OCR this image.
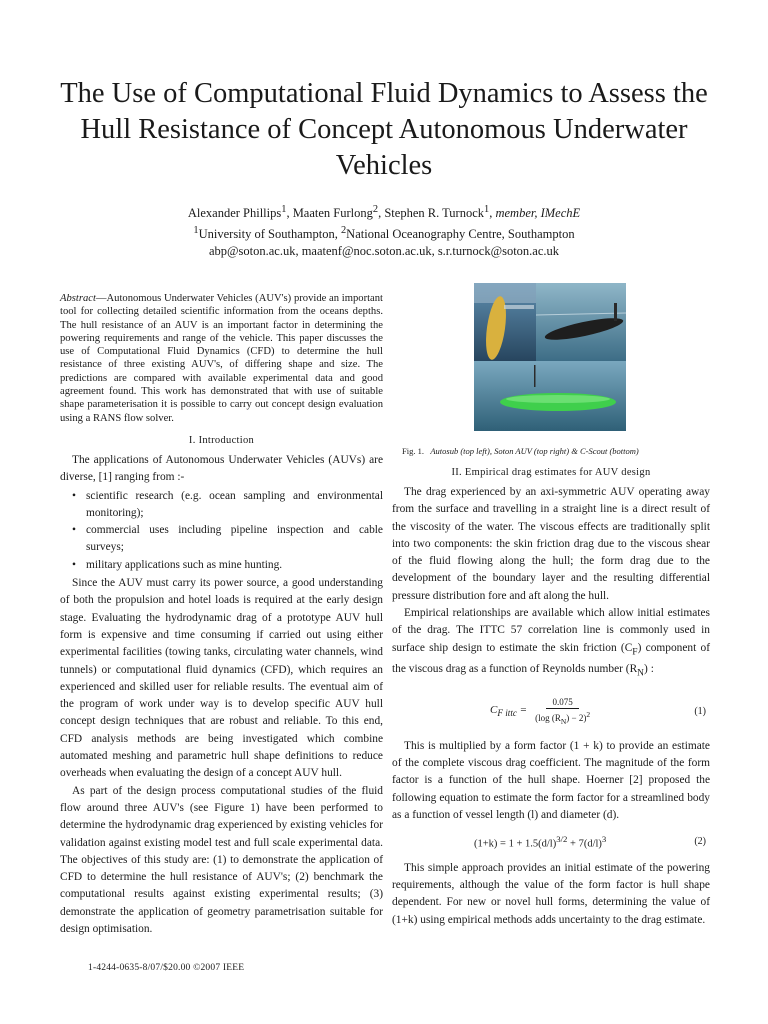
The Use of Computational Fluid Dynamics to Assess the Hull Resistance of Concept Autonomous Underwater Vehicles
Alexander Phillips$^1$, Maaten Furlong$^2$, Stephen R. Turnock$^1$, member, IMechE
$^1$University of Southampton, $^2$National Oceanography Centre, Southampton
abp@soton.ac.uk, maatenf@noc.soton.ac.uk, s.r.turnock@soton.ac.uk

Abstract—Autonomous Underwater Vehicles (AUV's) provide an important tool for collecting detailed scientific information from the oceans depths. The hull resistance of an AUV is an important factor in determining the powering requirements and range of the vehicle. This paper discusses the use of Computational Fluid Dynamics (CFD) to determine the hull resistance of three existing AUV's, of differing shape and size. The predictions are compared with available experimental data and good agreement found. This work has demonstrated that with use of suitable shape parameterisation it is possible to carry out concept design evaluation using a RANS flow solver.

I. Introduction

The applications of Autonomous Underwater Vehicles (AUVs) are diverse, [1] ranging from :-

• scientific research (e.g. ocean sampling and environmental monitoring);
• commercial uses including pipeline inspection and cable surveys;
• military applications such as mine hunting.

Since the AUV must carry its power source, a good understanding of both the propulsion and hotel loads is required at the early design stage. Evaluating the hydrodynamic drag of a prototype AUV hull form is expensive and time consuming if carried out using either experimental facilities (towing tanks, circulating water channels, wind tunnels) or computational fluid dynamics (CFD), which requires an experienced and skilled user for reliable results. The eventual aim of the program of work under way is to develop specific AUV hull concept design techniques that are robust and reliable. To this end, CFD analysis methods are being investigated which combine automated meshing and parametric hull shape definitions to reduce overheads when evaluating the design of a concept AUV hull.

As part of the design process computational studies of the fluid flow around three AUV's (see Figure 1) have been performed to determine the hydrodynamic drag experienced by existing vehicles for validation against existing model test and full scale experimental data. The objectives of this study are: (1) to demonstrate the application of CFD to determine the hull resistance of AUV's; (2) benchmark the computational results against existing experimental results; (3) demonstrate the application of geometry parametrisation suitable for design optimisation.

Fig. 1. Autosub (top left), Soton AUV (top right) & C-Scout (bottom)
II. Empirical drag estimates for AUV design

The drag experienced by an axi-symmetric AUV operating away from the surface and travelling in a straight line is a direct result of the viscosity of the water. The viscous effects are traditionally split into two components: the skin friction drag due to the viscous shear of the fluid flowing along the hull; the form drag due to the development of the boundary layer and the resulting differential pressure distribution fore and aft along the hull.

Empirical relationships are available which allow initial estimates of the drag. The ITTC 57 correlation line is commonly used in surface ship design to estimate the skin friction $(C_F)$ component of the viscous drag as a function of Reynolds number $(R_N)$ :

$C_{F ittc} = \frac{0.075}{(\log (R_N) - 2)^2}$	(1)

This is multiplied by a form factor (1 + k) to provide an estimate of the complete viscous drag coefficient. The magnitude of the form factor is a function of the hull shape. Hoerner [2] proposed the following equation to estimate the form factor for a streamlined body as a function of vessel length (l) and diameter (d).

$(1+k) = 1 + 1.5(d/l)^{3/2} + 7(d/l)^3$	(2)

This simple approach provides an initial estimate of the powering requirements, although the value of the form factor is hull shape dependent. For new or novel hull forms, determining the value of (1+k) using empirical methods adds uncertainty to the drag estimate.

1-4244-0635-8/07/$20.00 ©2007 IEEE
